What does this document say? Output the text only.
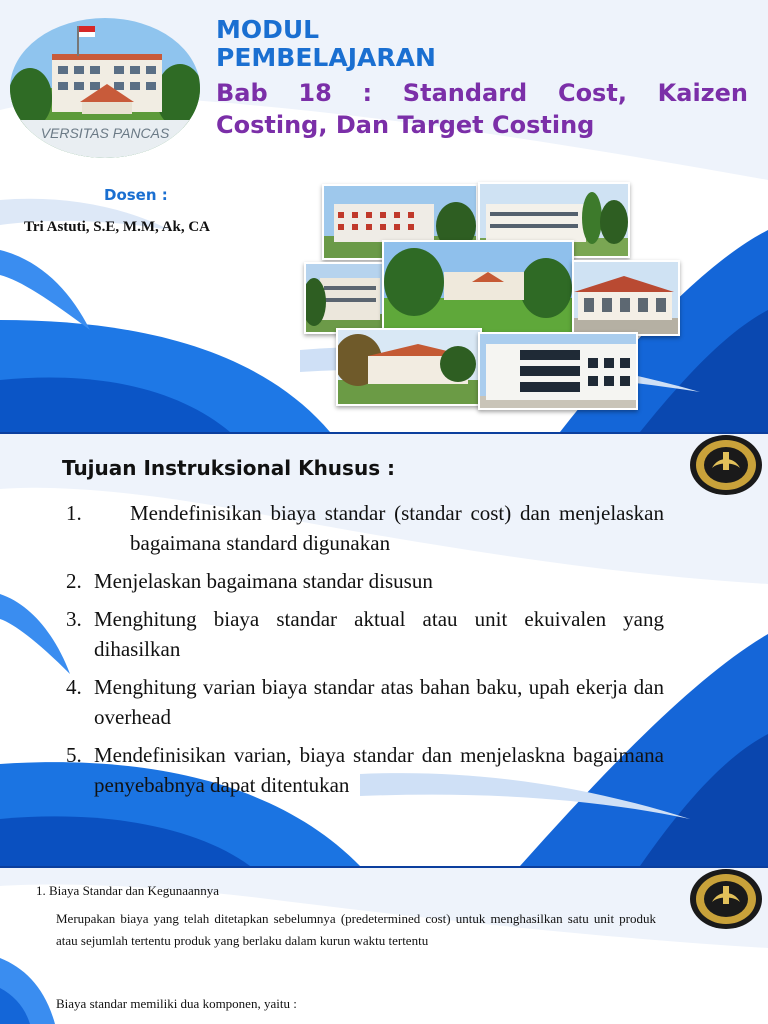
VERSITAS PANCAS
MODUL
PEMBELAJARAN
Bab 18 : Standard Cost, Kaizen
Costing, Dan Target Costing
Dosen :
Tri Astuti, S.E, M.M, Ak, CA
Tujuan Instruksional Khusus :
1.	Mendefinisikan biaya standar (standar cost) dan menjelaskan bagaimana standard digunakan
2. Menjelaskan bagaimana standar disusun
3. Menghitung biaya standar aktual atau unit ekuivalen yang dihasilkan
4. Menghitung varian biaya standar atas bahan baku, upah ekerja dan overhead
5. Mendefinisikan varian, biaya standar dan menjelaskna bagaimana penyebabnya dapat ditentukan
1. Biaya Standar dan Kegunaannya

Merupakan biaya yang telah ditetapkan sebelumnya (predetermined cost) untuk menghasilkan satu unit produk atau sejumlah tertentu produk yang berlaku dalam kurun waktu tertentu

Biaya standar memiliki dua komponen, yaitu :
